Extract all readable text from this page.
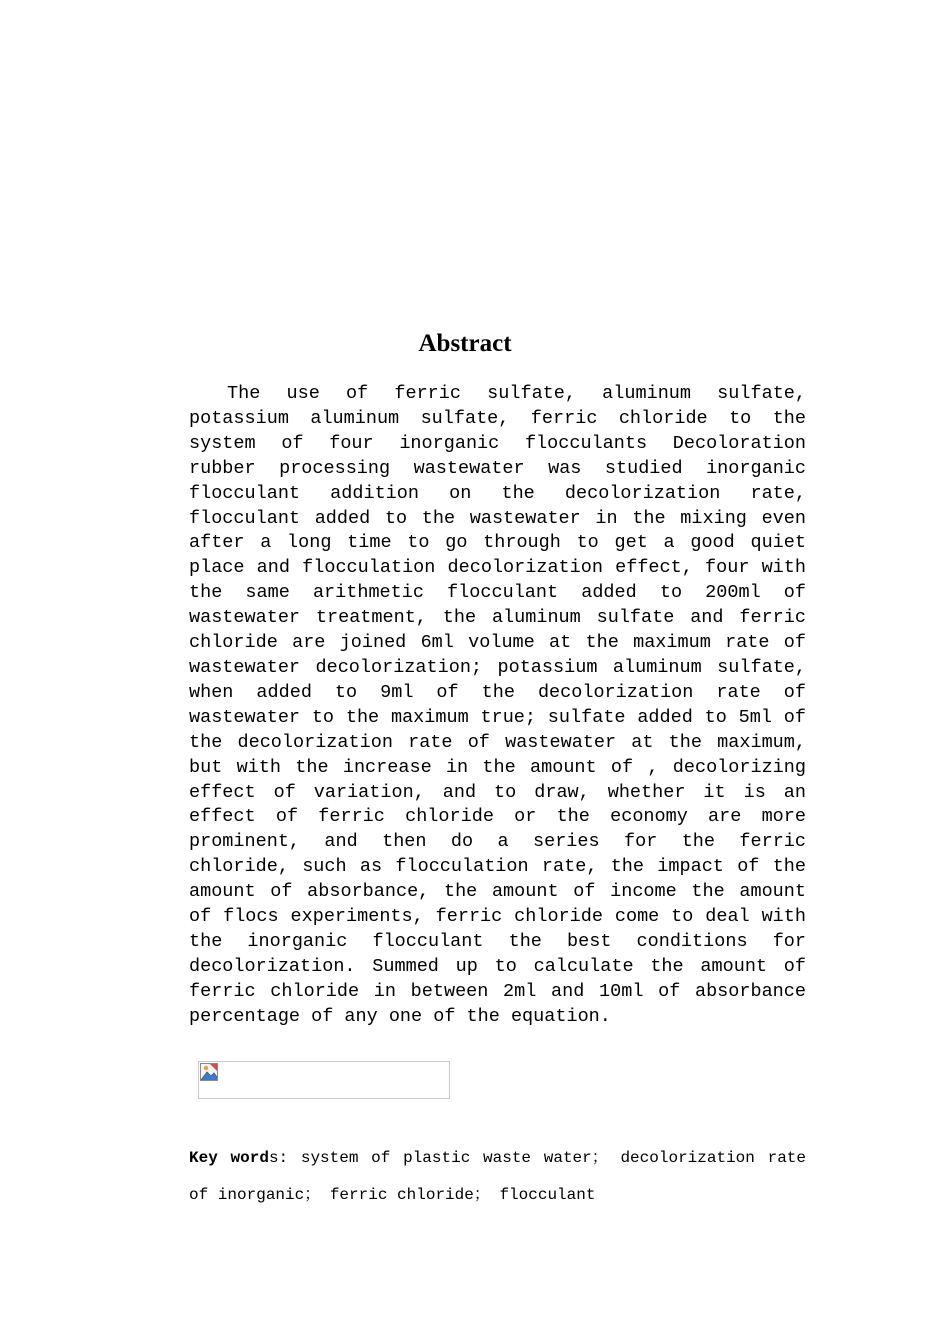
Abstract

The use of ferric sulfate, aluminum sulfate, potassium aluminum sulfate, ferric chloride to the system of four inorganic flocculants Decoloration rubber processing wastewater was studied inorganic flocculant addition on the decolorization rate, flocculant added to the wastewater in the mixing even after a long time to go through to get a good quiet place and flocculation decolorization effect, four with the same arithmetic flocculant added to 200ml of wastewater treatment, the aluminum sulfate and ferric chloride are joined 6ml volume at the maximum rate of wastewater decolorization; potassium aluminum sulfate, when added to 9ml of the decolorization rate of wastewater to the maximum true; sulfate added to 5ml of the decolorization rate of wastewater at the maximum, but with the increase in the amount of , decolorizing effect of variation, and to draw, whether it is an effect of ferric chloride or the economy are more prominent, and then do a series for the ferric chloride, such as flocculation rate, the impact of the amount of absorbance, the amount of income the amount of flocs experiments, ferric chloride come to deal with the inorganic flocculant the best conditions for decolorization. Summed up to calculate the amount of ferric chloride in between 2ml and 10ml of absorbance percentage of any one of the equation.

Key words: system of plastic waste water； decolorization rate of inorganic； ferric chloride； flocculant
